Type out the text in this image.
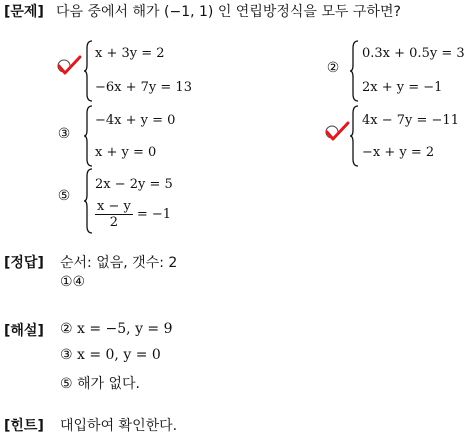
[문제] 다음 중에서 해가 (−1, 1) 인 연립방정식을 모두 구하면?
x + 3y = 2
−6x + 7y = 13
②
0.3x + 0.5y = 3
2x + y = −1
③
−4x + y = 0
x + y = 0
4x − 7y = −11
−x + y = 2
⑤
2x − 2y = 5
$\frac{x - y}{2} = -1$
[정답] 순서: 없음, 갯수: 2
①④
[해설] ② x = −5, y = 9
③ x = 0, y = 0
⑤ 해가 없다.
[힌트] 대입하여 확인한다.
